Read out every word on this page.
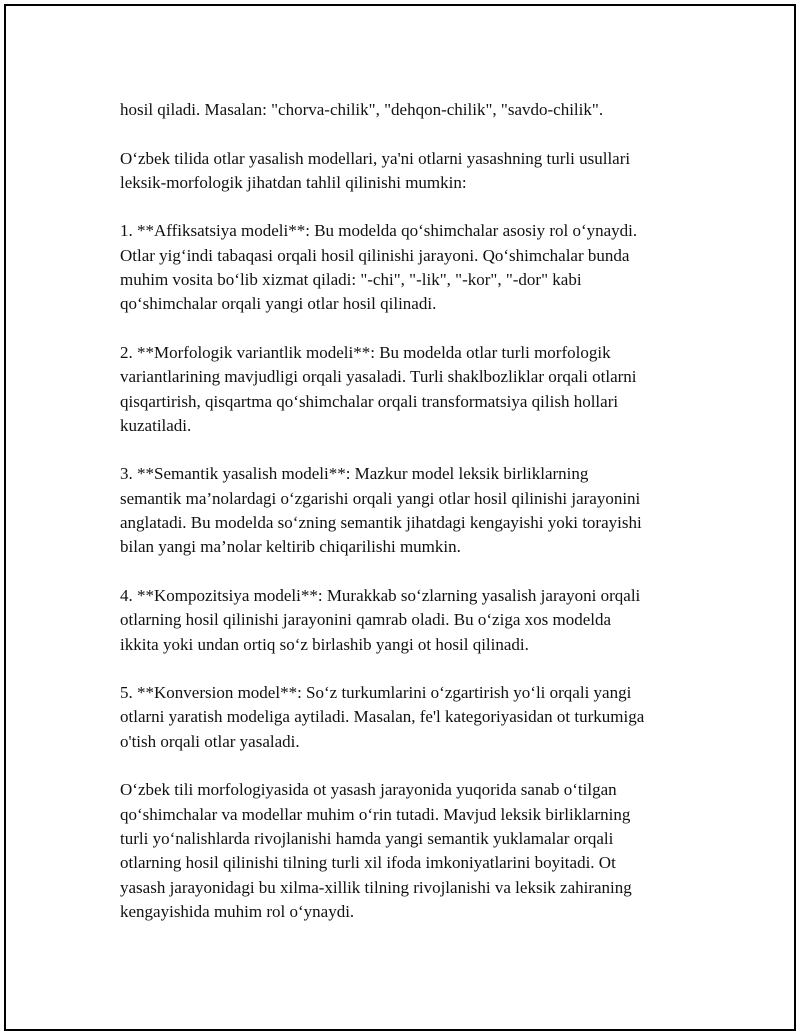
hosil qiladi. Masalan: "chorva-chilik", "dehqon-chilik", "savdo-chilik".

O‘zbek tilida otlar yasalish modellari, ya'ni otlarni yasashning turli usullari
leksik-morfologik jihatdan tahlil qilinishi mumkin:

1. **Affiksatsiya modeli**: Bu modelda qo‘shimchalar asosiy rol o‘ynaydi.
Otlar yig‘indi tabaqasi orqali hosil qilinishi jarayoni. Qo‘shimchalar bunda
muhim vosita bo‘lib xizmat qiladi: "-chi", "-lik", "-kor", "-dor" kabi
qo‘shimchalar orqali yangi otlar hosil qilinadi.

2. **Morfologik variantlik modeli**: Bu modelda otlar turli morfologik
variantlarining mavjudligi orqali yasaladi. Turli shaklbozliklar orqali otlarni
qisqartirish, qisqartma qo‘shimchalar orqali transformatsiya qilish hollari
kuzatiladi.

3. **Semantik yasalish modeli**: Mazkur model leksik birliklarning
semantik ma’nolardagi o‘zgarishi orqali yangi otlar hosil qilinishi jarayonini
anglatadi. Bu modelda so‘zning semantik jihatdagi kengayishi yoki torayishi
bilan yangi ma’nolar keltirib chiqarilishi mumkin.

4. **Kompozitsiya modeli**: Murakkab so‘zlarning yasalish jarayoni orqali
otlarning hosil qilinishi jarayonini qamrab oladi. Bu o‘ziga xos modelda
ikkita yoki undan ortiq so‘z birlashib yangi ot hosil qilinadi.

5. **Konversion model**: So‘z turkumlarini o‘zgartirish yo‘li orqali yangi
otlarni yaratish modeliga aytiladi. Masalan, fe'l kategoriyasidan ot turkumiga
o'tish orqali otlar yasaladi.

O‘zbek tili morfologiyasida ot yasash jarayonida yuqorida sanab o‘tilgan
qo‘shimchalar va modellar muhim o‘rin tutadi. Mavjud leksik birliklarning
turli yo‘nalishlarda rivojlanishi hamda yangi semantik yuklamalar orqali
otlarning hosil qilinishi tilning turli xil ifoda imkoniyatlarini boyitadi. Ot
yasash jarayonidagi bu xilma-xillik tilning rivojlanishi va leksik zahiraning
kengayishida muhim rol o‘ynaydi.
